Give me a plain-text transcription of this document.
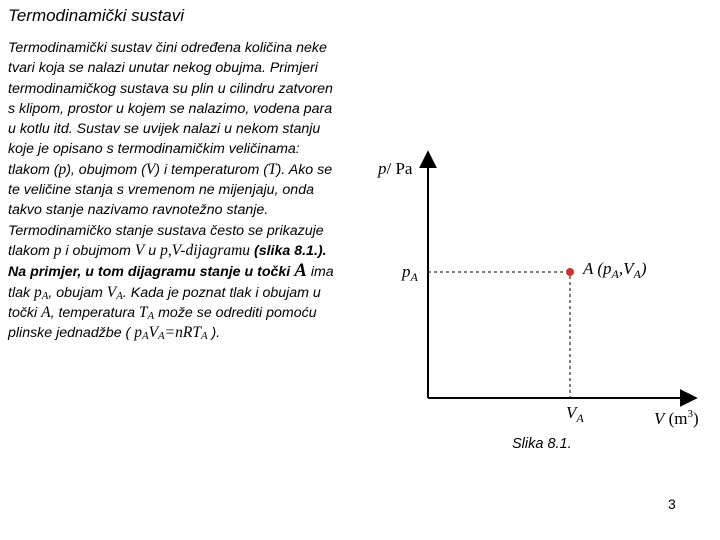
Termodinamički sustavi
Termodinamički sustav čini određena količina neke tvari koja se nalazi unutar nekog obujma. Primjeri termodinamičkog sustava su plin u cilindru zatvoren s klipom, prostor u kojem se nalazimo, vodena para u kotlu itd. Sustav se uvijek nalazi u nekom stanju koje je opisano s termodinamičkim veličinama: tlakom (p), obujmom (V) i temperaturom (T). Ako se te veličine stanja s vremenom ne mijenjaju, onda takvo stanje nazivamo ravnotežno stanje. Termodinamičko stanje sustava često se prikazuje tlakom p i obujmom V u p,V-dijagramu (slika 8.1.). Na primjer, u tom dijagramu stanje u točki A ima tlak $p_A$, obujam $V_A$. Kada je poznat tlak i obujam u točki A, temperatura $T_A$ može se odrediti pomoću plinske jednadžbe ( $p_AV_A=nRT_A$ ).
p/ Pa
$p_A$	A $(p_A,V_A)$
$V_A$	V $(m^3)$
Slika 8.1.
3
